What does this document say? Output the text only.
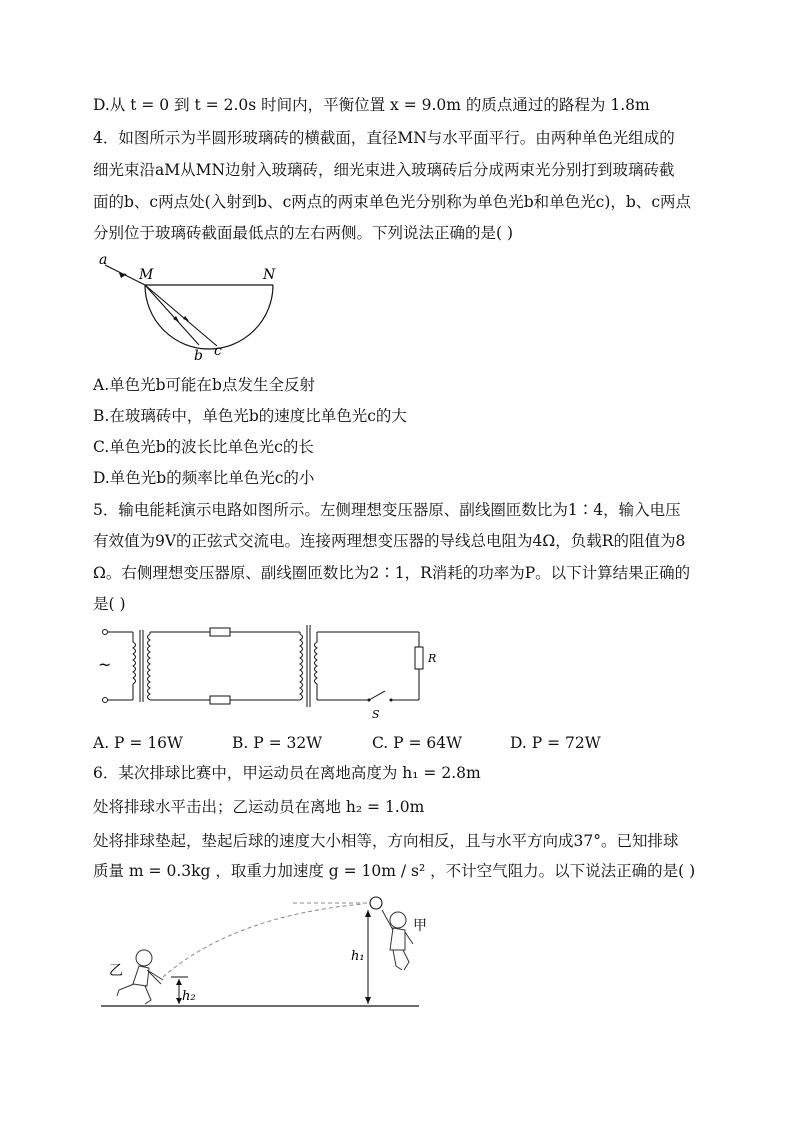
D.从 t = 0 到 t = 2.0s 时间内，平衡位置 x = 9.0m 的质点通过的路程为 1.8m
4．如图所示为半圆形玻璃砖的横截面，直径MN与水平面平行。由两种单色光组成的
细光束沿aM从MN边射入玻璃砖，细光束进入玻璃砖后分成两束光分别打到玻璃砖截
面的b、c两点处(入射到b、c两点的两束单色光分别称为单色光b和单色光c)，b、c两点
分别位于玻璃砖截面最低点的左右两侧。下列说法正确的是( )
a
M	N
b c
A.单色光b可能在b点发生全反射
B.在玻璃砖中，单色光b的速度比单色光c的大
C.单色光b的波长比单色光c的长
D.单色光b的频率比单色光c的小
5．输电能耗演示电路如图所示。左侧理想变压器原、副线圈匝数比为1∶4，输入电压
有效值为9V的正弦式交流电。连接两理想变压器的导线总电阻为4Ω，负载R的阻值为8
Ω。右侧理想变压器原、副线圈匝数比为2∶1，R消耗的功率为P。以下计算结果正确的
是( )
~	R
S
A. P = 16W	B. P = 32W	C. P = 64W	D. P = 72W
6．某次排球比赛中，甲运动员在离地高度为 h₁ = 2.8m
处将排球水平击出；乙运动员在离地 h₂ = 1.0m
处将排球垫起，垫起后球的速度大小相等，方向相反，且与水平方向成37°。已知排球
质量 m = 0.3kg ，取重力加速度 g = 10m / s² ，不计空气阻力。以下说法正确的是( )
甲
乙
h₁
h₂
